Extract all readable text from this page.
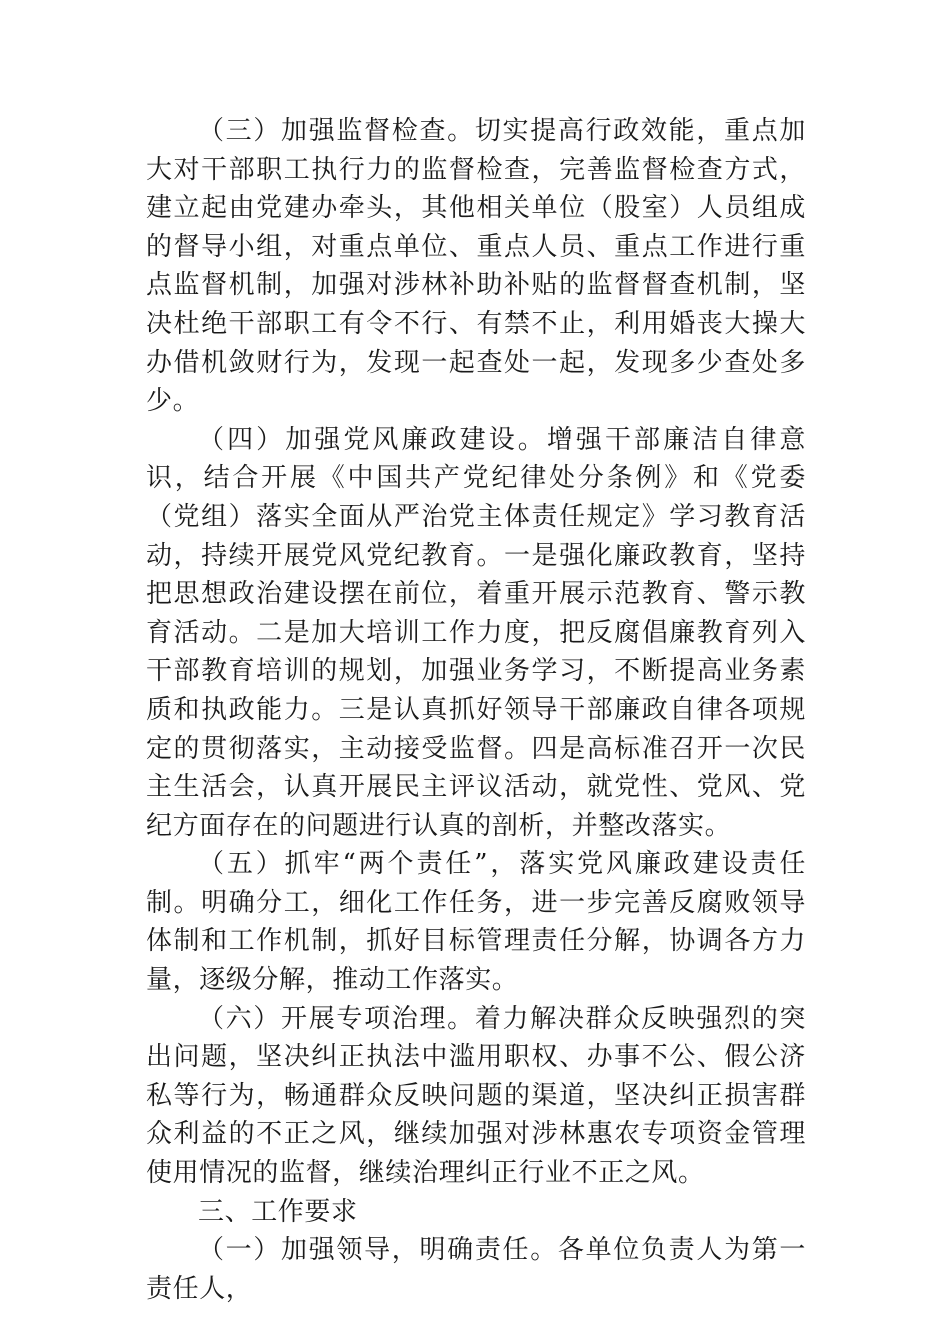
（三）加强监督检查。切实提高行政效能，重点加大对干部职工执行力的监督检查，完善监督检查方式，建立起由党建办牵头，其他相关单位（股室）人员组成的督导小组，对重点单位、重点人员、重点工作进行重点监督机制，加强对涉林补助补贴的监督督查机制，坚决杜绝干部职工有令不行、有禁不止，利用婚丧大操大办借机敛财行为，发现一起查处一起，发现多少查处多少。

（四）加强党风廉政建设。增强干部廉洁自律意识，结合开展《中国共产党纪律处分条例》和《党委（党组）落实全面从严治党主体责任规定》学习教育活动，持续开展党风党纪教育。一是强化廉政教育，坚持把思想政治建设摆在前位，着重开展示范教育、警示教育活动。二是加大培训工作力度，把反腐倡廉教育列入干部教育培训的规划，加强业务学习，不断提高业务素质和执政能力。三是认真抓好领导干部廉政自律各项规定的贯彻落实，主动接受监督。四是高标准召开一次民主生活会，认真开展民主评议活动，就党性、党风、党纪方面存在的问题进行认真的剖析，并整改落实。

（五）抓牢“两个责任”，落实党风廉政建设责任制。明确分工，细化工作任务，进一步完善反腐败领导体制和工作机制，抓好目标管理责任分解，协调各方力量，逐级分解，推动工作落实。

（六）开展专项治理。着力解决群众反映强烈的突出问题，坚决纠正执法中滥用职权、办事不公、假公济私等行为，畅通群众反映问题的渠道，坚决纠正损害群众利益的不正之风，继续加强对涉林惠农专项资金管理使用情况的监督，继续治理纠正行业不正之风。

三、工作要求

（一）加强领导，明确责任。各单位负责人为第一责任人，
